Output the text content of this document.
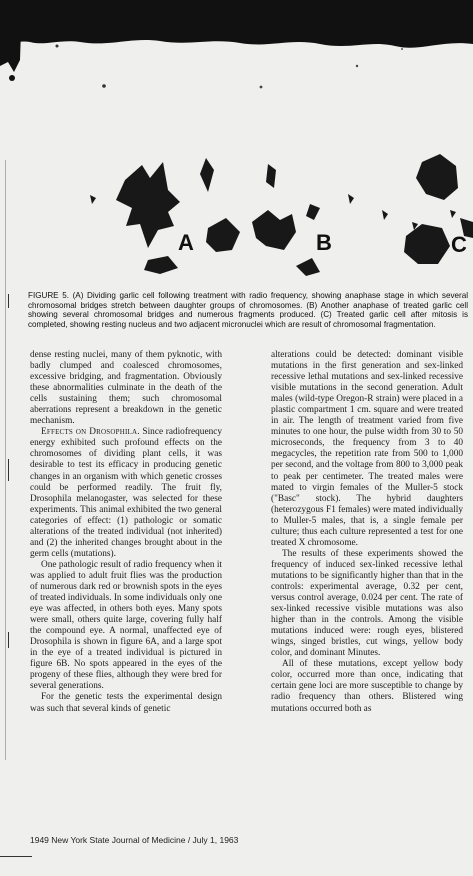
A	B	C
FIGURE 5. (A) Dividing garlic cell following treatment with radio frequency, showing anaphase stage in which several chromosomal bridges stretch between daughter groups of chromosomes. (B) Another anaphase of treated garlic cell showing several chromosomal bridges and numerous fragments produced. (C) Treated garlic cell after mitosis is completed, showing resting nucleus and two adjacent micronuclei which are result of chromosomal fragmentation.

dense resting nuclei, many of them pyknotic, with badly clumped and coalesced chromosomes, excessive bridging, and fragmentation. Obviously these abnormalities culminate in the death of the cells sustaining them; such chromosomal aberrations represent a breakdown in the genetic mechanism.

Effects on Drosophila. Since radiofrequency energy exhibited such profound effects on the chromosomes of dividing plant cells, it was desirable to test its efficacy in producing genetic changes in an organism with which genetic crosses could be performed readily. The fruit fly, Drosophila melanogaster, was selected for these experiments. This animal exhibited the two general categories of effect: (1) pathologic or somatic alterations of the treated individual (not inherited) and (2) the inherited changes brought about in the germ cells (mutations).

One pathologic result of radio frequency when it was applied to adult fruit flies was the production of numerous dark red or brownish spots in the eyes of treated individuals. In some individuals only one eye was affected, in others both eyes. Many spots were small, others quite large, covering fully half the compound eye. A normal, unaffected eye of Drosophila is shown in figure 6A, and a large spot in the eye of a treated individual is pictured in figure 6B. No spots appeared in the eyes of the progeny of these flies, although they were bred for several generations.

For the genetic tests the experimental design was such that several kinds of genetic

alterations could be detected: dominant visible mutations in the first generation and sex-linked recessive lethal mutations and sex-linked recessive visible mutations in the second generation. Adult males (wild-type Oregon-R strain) were placed in a plastic compartment 1 cm. square and were treated in air. The length of treatment varied from five minutes to one hour, the pulse width from 30 to 50 microseconds, the frequency from 3 to 40 megacycles, the repetition rate from 500 to 1,000 per second, and the voltage from 800 to 3,000 peak to peak per centimeter. The treated males were mated to virgin females of the Muller-5 stock ("Basc" stock). The hybrid daughters (heterozygous F1 females) were mated individually to Muller-5 males, that is, a single female per culture; thus each culture represented a test for one treated X chromosome.

The results of these experiments showed the frequency of induced sex-linked recessive lethal mutations to be significantly higher than that in the controls: experimental average, 0.32 per cent, versus control average, 0.024 per cent. The rate of sex-linked recessive visible mutations was also higher than in the controls. Among the visible mutations induced were: rough eyes, blistered wings, singed bristles, cut wings, yellow body color, and dominant Minutes.

All of these mutations, except yellow body color, occurred more than once, indicating that certain gene loci are more susceptible to change by radio frequency than others. Blistered wing mutations occurred both as

1949 New York State Journal of Medicine / July 1, 1963
